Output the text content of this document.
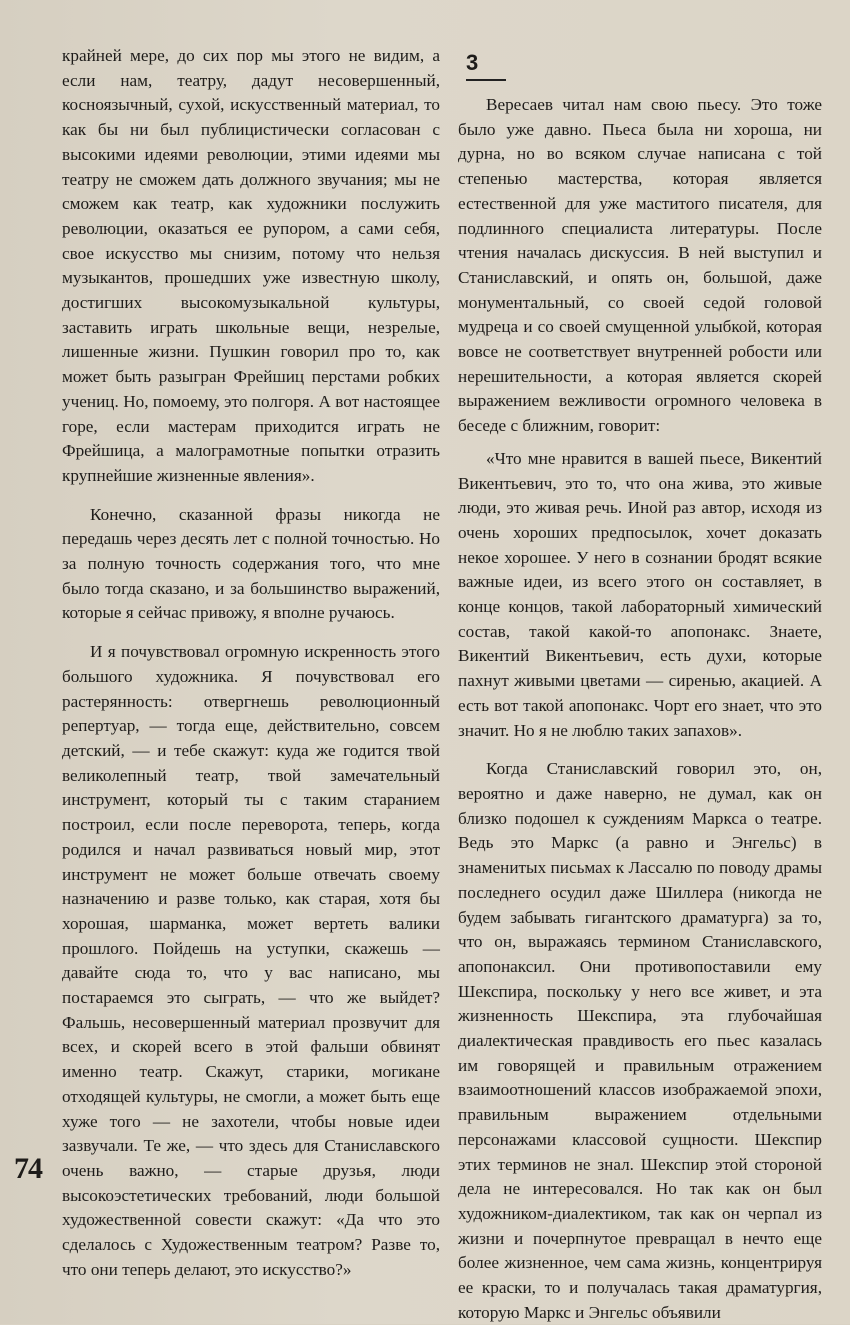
крайней мере, до сих пор мы этого не видим, а если нам, театру, дадут несовершенный, косноязычный, сухой, искусственный материал, то как бы ни был публицистически согласован с высокими идеями революции, этими идеями мы театру не сможем дать должного звучания; мы не сможем как театр, как художники послужить революции, оказаться ее рупором, а сами себя, свое искусство мы снизим, потому что нельзя музыкантов, прошедших уже известную школу, достигших высокомузыкальной культуры, заставить играть школьные вещи, незрелые, лишенные жизни. Пушкин говорил про то, как может быть разыгран Фрейшиц перстами робких учениц. Но, помоему, это полгоря. А вот настоящее горе, если мастерам приходится играть не Фрейшица, а малограмотные попытки отразить крупнейшие жизненные явления».

Конечно, сказанной фразы никогда не передашь через десять лет с полной точностью. Но за полную точность содержания того, что мне было тогда сказано, и за большинство выражений, которые я сейчас привожу, я вполне ручаюсь.

И я почувствовал огромную искренность этого большого художника. Я почувствовал его растерянность: отвергнешь революционный репертуар, — тогда еще, действительно, совсем детский, — и тебе скажут: куда же годится твой великолепный театр, твой замечательный инструмент, который ты с таким старанием построил, если после переворота, теперь, когда родился и начал развиваться новый мир, этот инструмент не может больше отвечать своему назначению и разве только, как старая, хотя бы хорошая, шарманка, может вертеть валики прошлого. Пойдешь на уступки, скажешь — давайте сюда то, что у вас написано, мы постараемся это сыграть, — что же выйдет? Фальшь, несовершенный материал прозвучит для всех, и скорей всего в этой фальши обвинят именно театр. Скажут, старики, могикане отходящей культуры, не смогли, а может быть еще хуже того — не захотели, чтобы новые идеи зазвучали. Те же, — что здесь для Станиславского очень важно, — старые друзья, люди высокоэстетических требований, люди большой художественной совести скажут: «Да что это сделалось с Художественным театром? Разве то, что они теперь делают, это искусство?»

3

Вересаев читал нам свою пьесу. Это тоже было уже давно. Пьеса была ни хороша, ни дурна, но во всяком случае написана с той степенью мастерства, которая является естественной для уже маститого писателя, для подлинного специалиста литературы. После чтения началась дискуссия. В ней выступил и Станиславский, и опять он, большой, даже монументальный, со своей седой головой мудреца и со своей смущенной улыбкой, которая вовсе не соответствует внутренней робости или нерешительности, а которая является скорей выражением вежливости огромного человека в беседе с ближним, говорит:

«Что мне нравится в вашей пьесе, Викентий Викентьевич, это то, что она жива, это живые люди, это живая речь. Иной раз автор, исходя из очень хороших предпосылок, хочет доказать некое хорошее. У него в сознании бродят всякие важные идеи, из всего этого он составляет, в конце концов, такой лабораторный химический состав, такой какой-то апопонакс. Знаете, Викентий Викентьевич, есть духи, которые пахнут живыми цветами — сиренью, акацией. А есть вот такой апопонакс. Чорт его знает, что это значит. Но я не люблю таких запахов».

Когда Станиславский говорил это, он, вероятно и даже наверно, не думал, как он близко подошел к суждениям Маркса о театре. Ведь это Маркс (а равно и Энгельс) в знаменитых письмах к Лассалю по поводу драмы последнего осудил даже Шиллера (никогда не будем забывать гигантского драматурга) за то, что он, выражаясь термином Станиславского, апопонаксил. Они противопоставили ему Шекспира, поскольку у него все живет, и эта жизненность Шекспира, эта глубочайшая диалектическая правдивость его пьес казалась им говорящей и правильным отражением взаимоотношений классов изображаемой эпохи, правильным выражением отдельными персонажами классовой сущности. Шекспир этих терминов не знал. Шекспир этой стороной дела не интересовался. Но так как он был художником-диалектиком, так как он черпал из жизни и почерпнутое превращал в нечто еще более жизненное, чем сама жизнь, концентрируя ее краски, то и получалась такая драматургия, которую Маркс и Энгельс объявили

74
